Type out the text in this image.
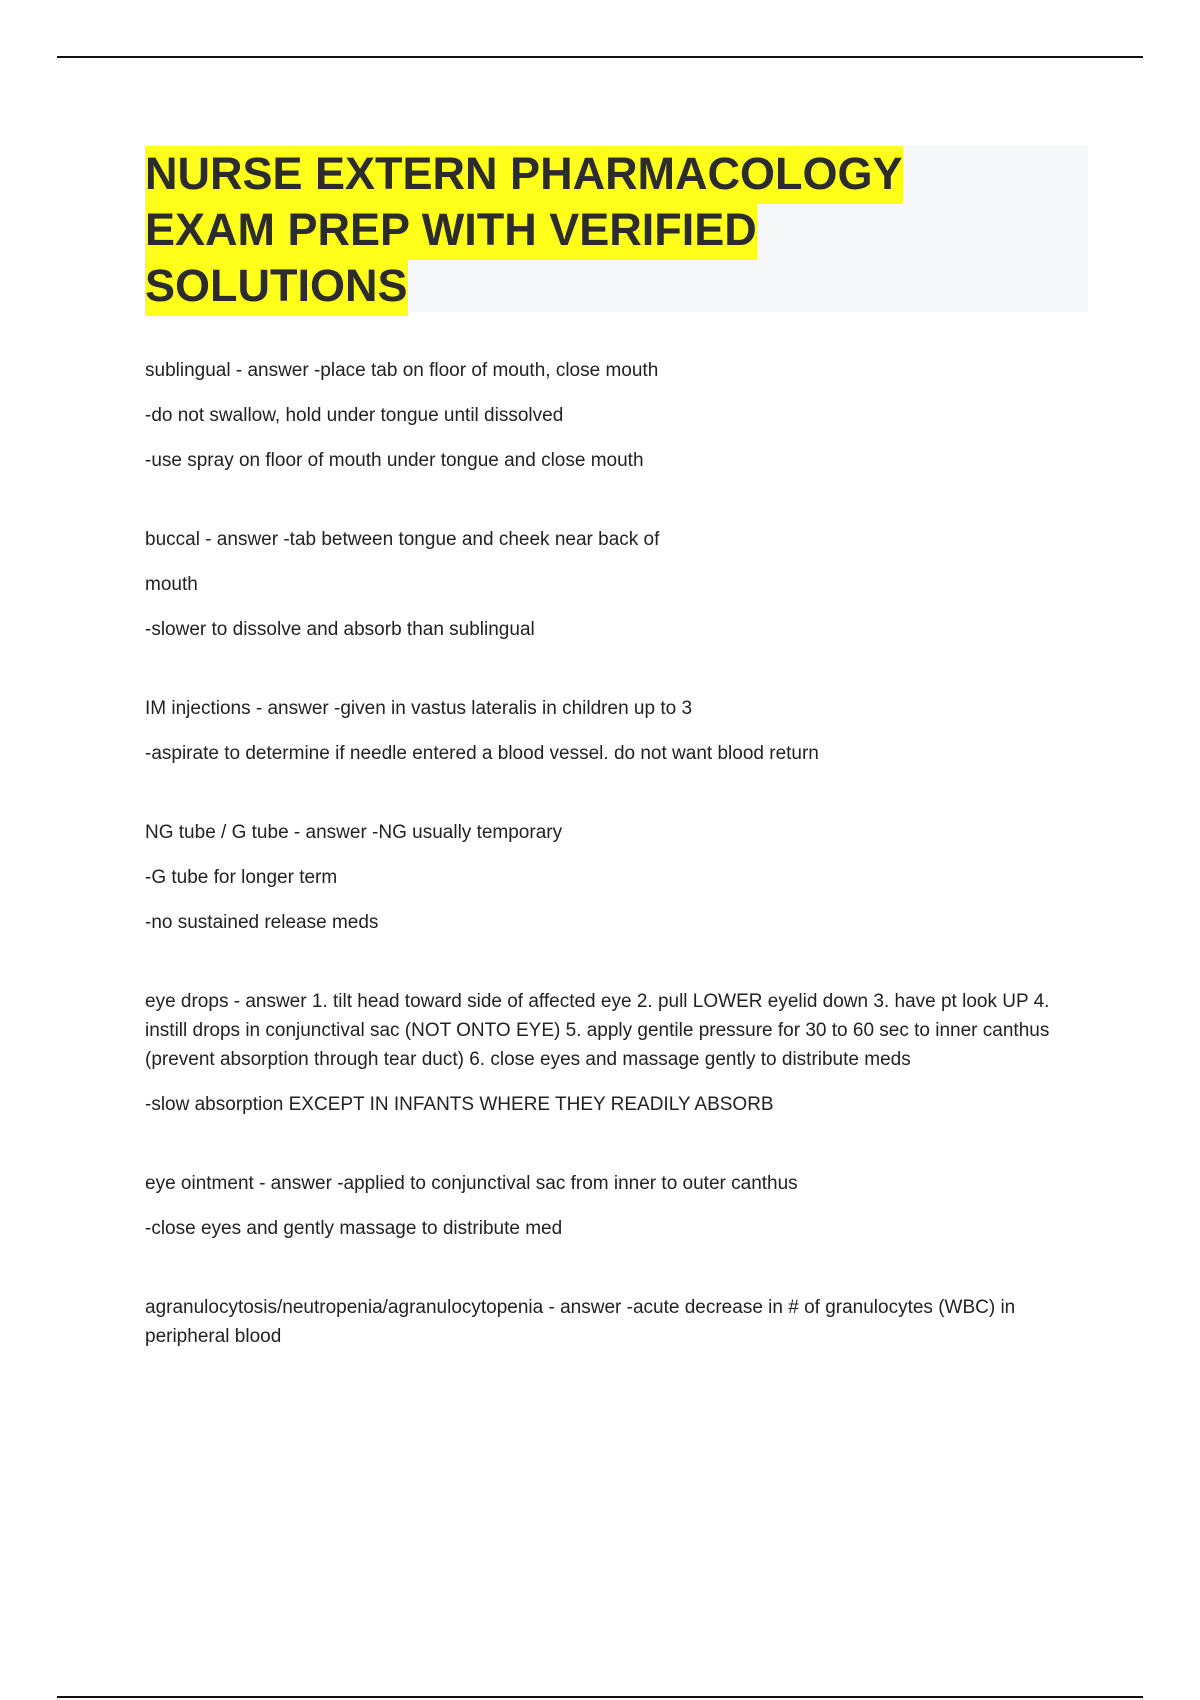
NURSE EXTERN PHARMACOLOGY
EXAM PREP WITH VERIFIED
SOLUTIONS

sublingual - answer -place tab on floor of mouth, close mouth

-do not swallow, hold under tongue until dissolved

-use spray on floor of mouth under tongue and close mouth

buccal - answer -tab between tongue and cheek near back of

mouth

-slower to dissolve and absorb than sublingual

IM injections - answer -given in vastus lateralis in children up to 3

-aspirate to determine if needle entered a blood vessel. do not want blood return

NG tube / G tube - answer -NG usually temporary

-G tube for longer term

-no sustained release meds

eye drops - answer 1. tilt head toward side of affected eye 2. pull LOWER eyelid down 3. have pt look UP 4. instill drops in conjunctival sac (NOT ONTO EYE) 5. apply gentile pressure for 30 to 60 sec to inner canthus (prevent absorption through tear duct) 6. close eyes and massage gently to distribute meds

-slow absorption EXCEPT IN INFANTS WHERE THEY READILY ABSORB

eye ointment - answer -applied to conjunctival sac from inner to outer canthus

-close eyes and gently massage to distribute med

agranulocytosis/neutropenia/agranulocytopenia - answer -acute decrease in # of granulocytes (WBC) in peripheral blood
